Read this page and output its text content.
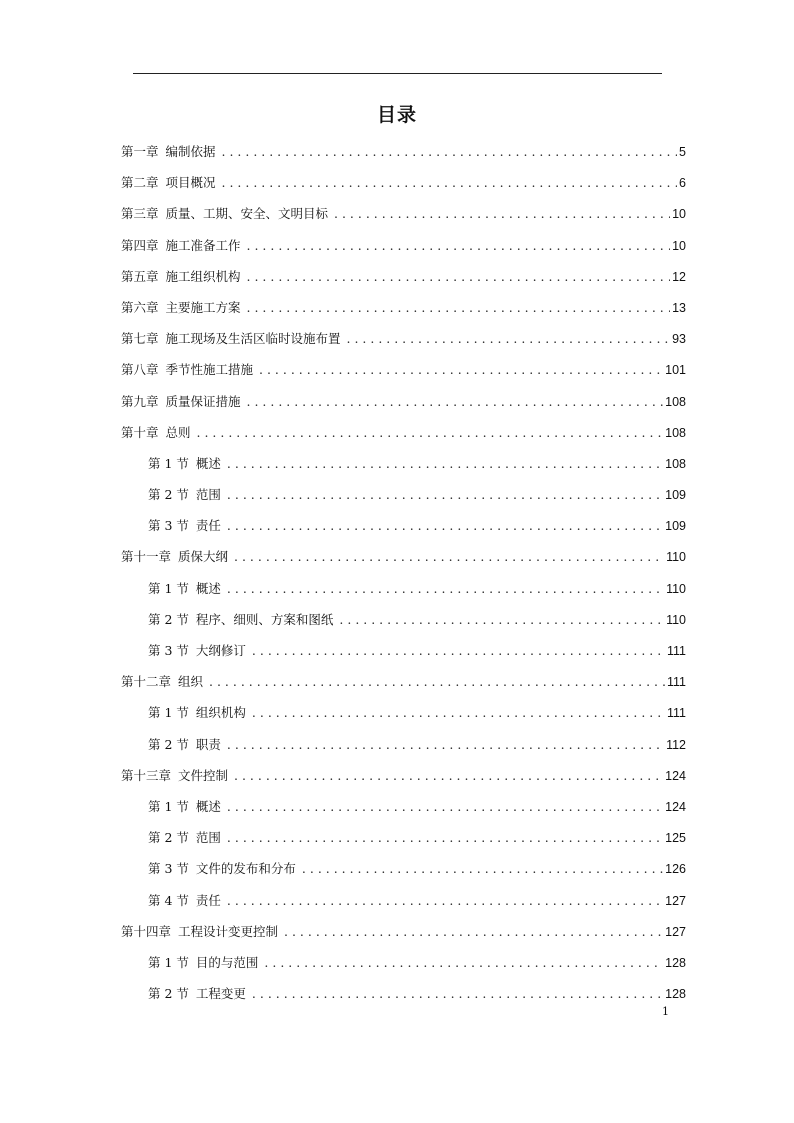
目录
第一章 编制依据 . . .	5
第二章 项目概况 . . .	6
第三章 质量、工期、安全、文明目标 . . .	10
第四章 施工准备工作 . . .	10
第五章 施工组织机构 . . .	12
第六章 主要施工方案 . . .	13
第七章 施工现场及生活区临时设施布置 . . .	93
第八章 季节性施工措施 . . .	101
第九章 质量保证措施 . . .	108
第十章 总则 . . .	108
第 1 节 概述 . . .	108
第 2 节 范围 . . .	109
第 3 节 责任 . . .	109
第十一章 质保大纲 . . .	110
第 1 节 概述 . . .	110
第 2 节 程序、细则、方案和图纸 . . .	110
第 3 节 大纲修订 . . .	111
第十二章 组织 . . .	111
第 1 节 组织机构 . . .	111
第 2 节 职责 . . .	112
第十三章 文件控制 . . .	124
第 1 节 概述 . . .	124
第 2 节 范围 . . .	125
第 3 节 文件的发布和分布 . . .	126
第 4 节 责任 . . .	127
第十四章 工程设计变更控制 . . .	127
第 1 节 目的与范围 . . .	128
第 2 节 工程变更 . . .	128
1
